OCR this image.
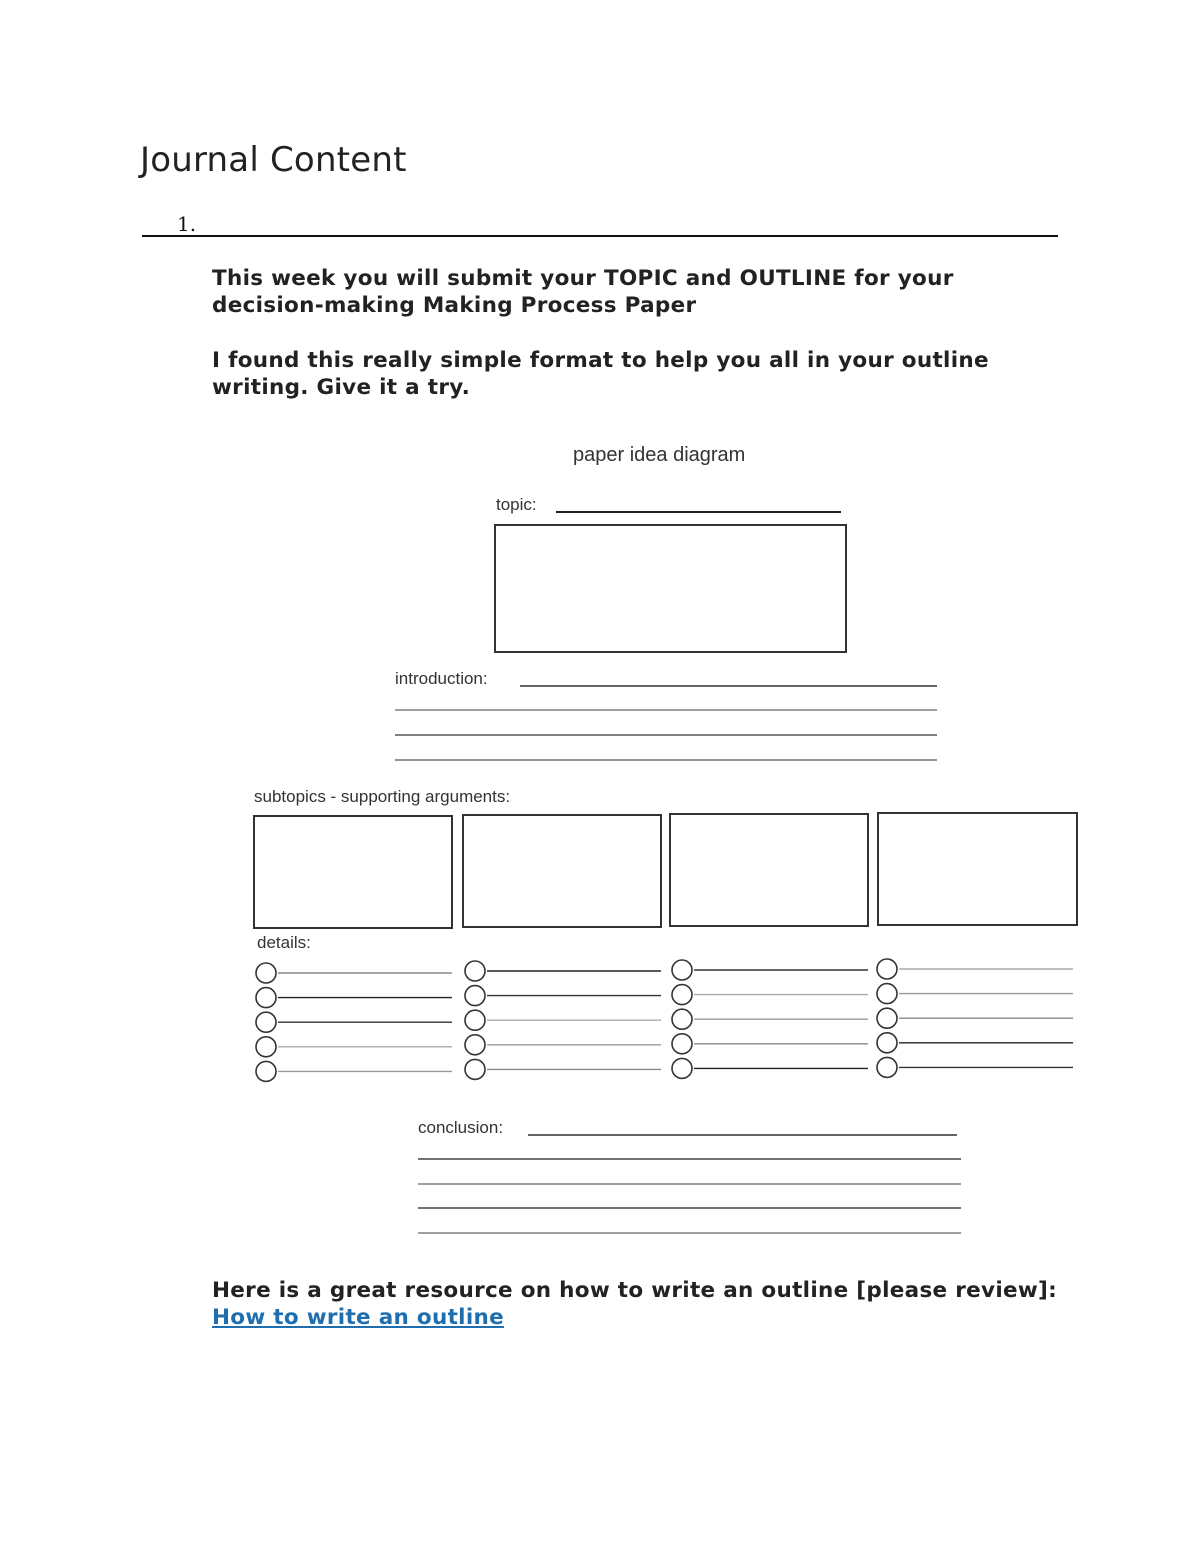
Journal Content
1.

This week you will submit your TOPIC and OUTLINE for your decision-making Making Process Paper

I found this really simple format to help you all in your outline writing. Give it a try.

paper idea diagram
topic:
introduction:
subtopics - supporting arguments:
details:
conclusion:

Here is a great resource on how to write an outline [please review]: How to write an outline
